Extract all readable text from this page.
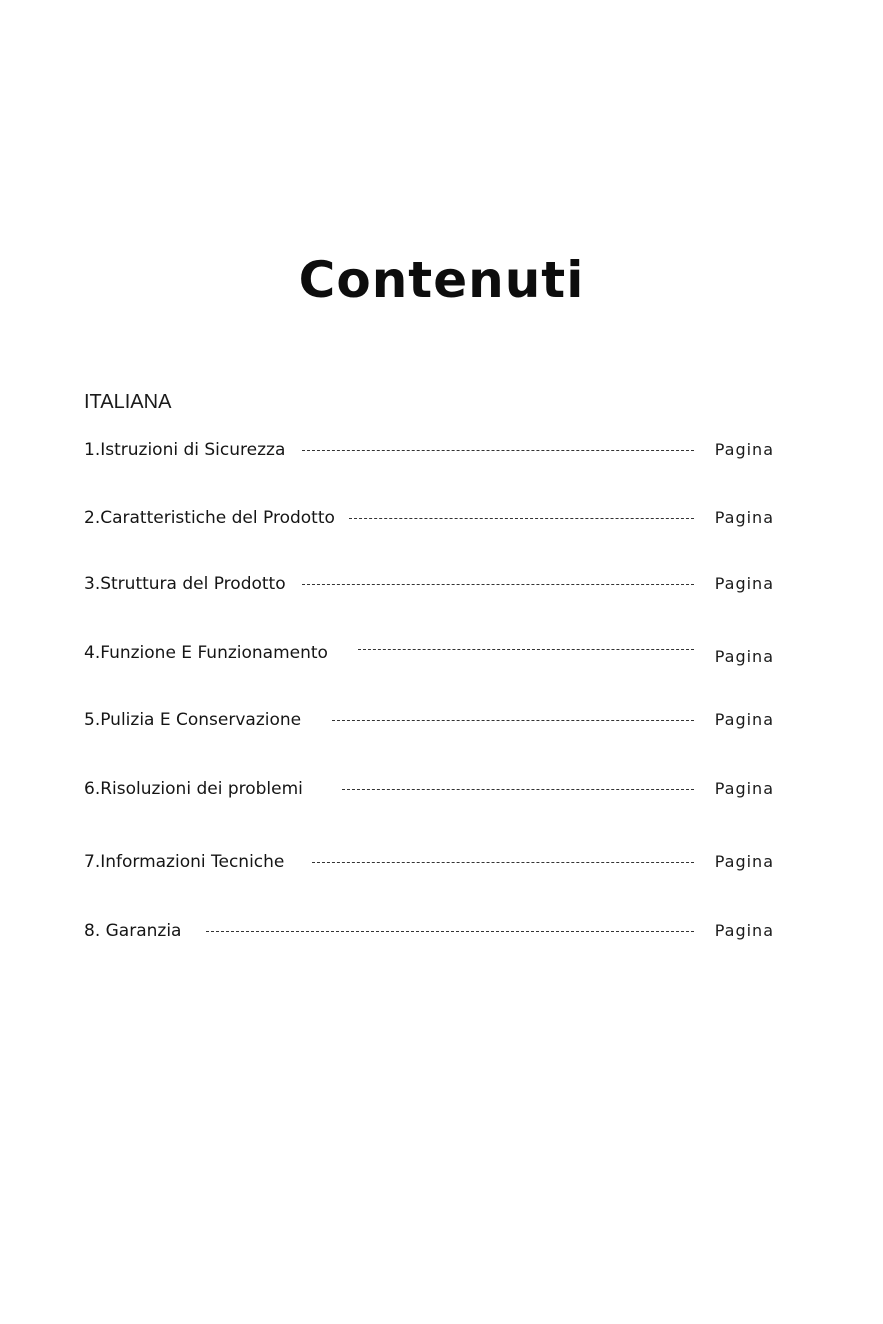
Contenuti
ITALIANA
1.Istruzioni di Sicurezza	Pagina
2.Caratteristiche del Prodotto	Pagina
3.Struttura del Prodotto	Pagina
4.Funzione E Funzionamento	Pagina
5.Pulizia E Conservazione	Pagina
6.Risoluzioni dei problemi	Pagina
7.Informazioni Tecniche	Pagina
8. Garanzia	Pagina
